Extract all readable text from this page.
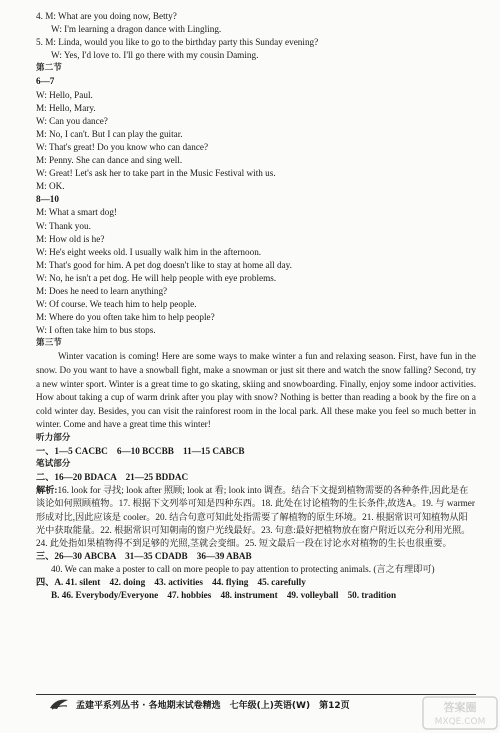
4. M: What are you doing now, Betty?
W: I'm learning a dragon dance with Lingling.
5. M: Linda, would you like to go to the birthday party this Sunday evening?
W: Yes, I'd love to. I'll go there with my cousin Daming.
第二节
6—7
W: Hello, Paul.
M: Hello, Mary.
W: Can you dance?
M: No, I can't. But I can play the guitar.
W: That's great! Do you know who can dance?
M: Penny. She can dance and sing well.
W: Great! Let's ask her to take part in the Music Festival with us.
M: OK.
8—10
M: What a smart dog!
W: Thank you.
M: How old is he?
W: He's eight weeks old. I usually walk him in the afternoon.
M: That's good for him. A pet dog doesn't like to stay at home all day.
W: No, he isn't a pet dog. He will help people with eye problems.
M: Does he need to learn anything?
W: Of course. We teach him to help people.
M: Where do you often take him to help people?
W: I often take him to bus stops.
第三节
Winter vacation is coming! Here are some ways to make winter a fun and relaxing season. First, have fun in the snow. Do you want to have a snowball fight, make a snowman or just sit there and watch the snow falling? Second, try a new winter sport. Winter is a great time to go skating, skiing and snowboarding. Finally, enjoy some indoor activities. How about taking a cup of warm drink after you play with snow? Nothing is better than reading a book by the fire on a cold winter day. Besides, you can visit the rainforest room in the local park. All these make you feel so much better in winter. Come and have a great time this winter!
听力部分
一、1—5 CACBC　6—10 BCCBB　11—15 CABCB
笔试部分
二、16—20 BDACA　21—25 BDDAC
解析:16. look for 寻找; look after 照顾; look at 看; look into 调查。结合下文提到植物需要的各种条件,因此是在谈论如何照顾植物。17. 根据下文列举可知是四种东西。18. 此处在讨论植物的生长条件,故选A。19. 与 warmer 形成对比,因此应该是 cooler。20. 结合句意可知此处指需要了解植物的原生环境。21. 根据常识可知植物从阳光中获取能量。22. 根据常识可知朝南的窗户光线最好。23. 句意:最好把植物放在窗户附近以充分利用光照。24. 此处指如果植物得不到足够的光照,茎就会变细。25. 短文最后一段在讨论水对植物的生长也很重要。
三、26—30 ABCBA　31—35 CDADB　36—39 ABAB
40. We can make a poster to call on more people to pay attention to protecting animals. (言之有理即可)
四、A. 41. silent　42. doing　43. activities　44. flying　45. carefully
B. 46. Everybody/Everyone　47. hobbies　48. instrument　49. volleyball　50. tradition
孟建平系列丛书 · 各地期末试卷精选　七年级(上)英语(W)　第12页	答案圈
MXQE.COM
